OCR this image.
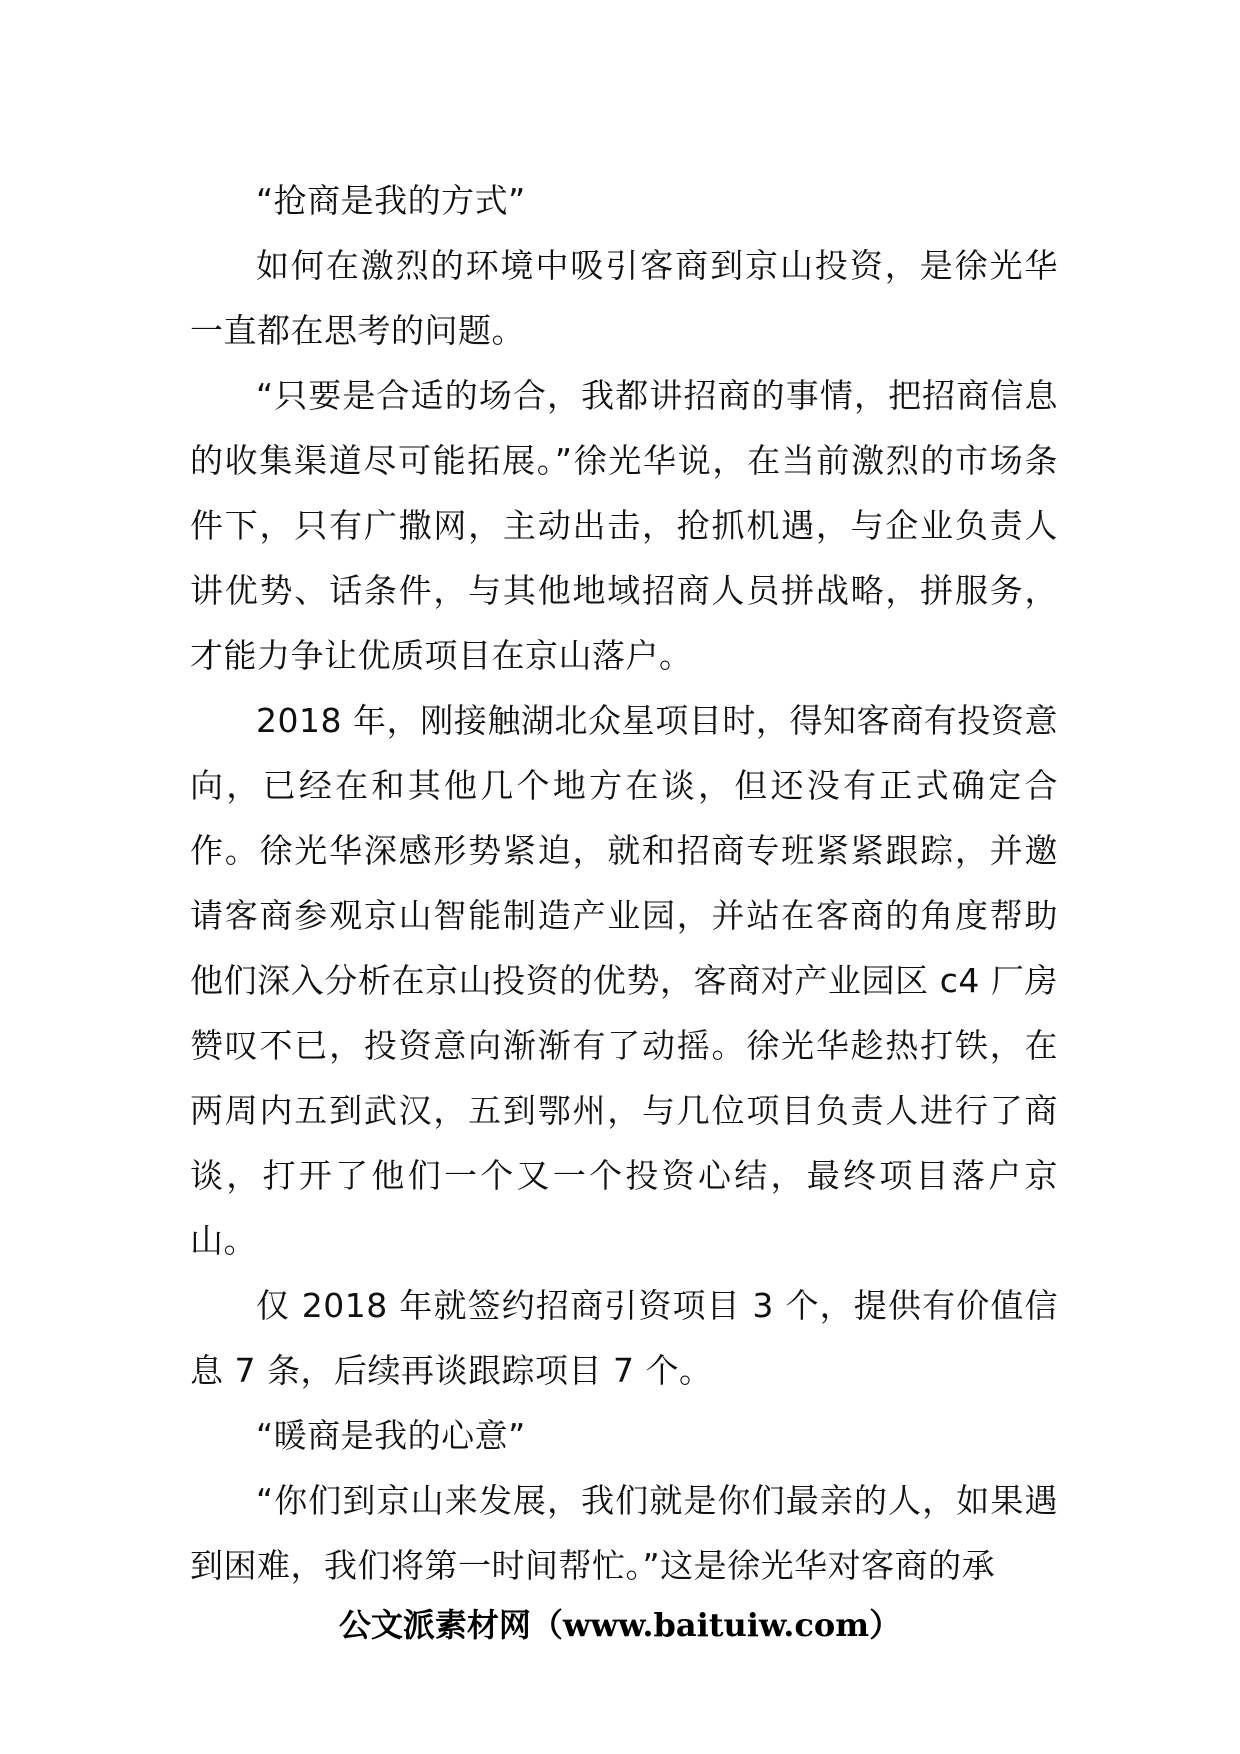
“抢商是我的方式”

如何在激烈的环境中吸引客商到京山投资，是徐光华一直都在思考的问题。

“只要是合适的场合，我都讲招商的事情，把招商信息的收集渠道尽可能拓展。”徐光华说，在当前激烈的市场条件下，只有广撒网，主动出击，抢抓机遇，与企业负责人讲优势、话条件，与其他地域招商人员拼战略，拼服务，才能力争让优质项目在京山落户。

2018 年，刚接触湖北众星项目时，得知客商有投资意向，已经在和其他几个地方在谈，但还没有正式确定合作。徐光华深感形势紧迫，就和招商专班紧紧跟踪，并邀请客商参观京山智能制造产业园，并站在客商的角度帮助他们深入分析在京山投资的优势，客商对产业园区 c4 厂房赞叹不已，投资意向渐渐有了动摇。徐光华趁热打铁，在两周内五到武汉，五到鄂州，与几位项目负责人进行了商谈，打开了他们一个又一个投资心结，最终项目落户京山。

仅 2018 年就签约招商引资项目 3 个，提供有价值信息 7 条，后续再谈跟踪项目 7 个。

“暖商是我的心意”

“你们到京山来发展，我们就是你们最亲的人，如果遇到困难，我们将第一时间帮忙。”这是徐光华对客商的承

公文派素材网（www.baituiw.com）
